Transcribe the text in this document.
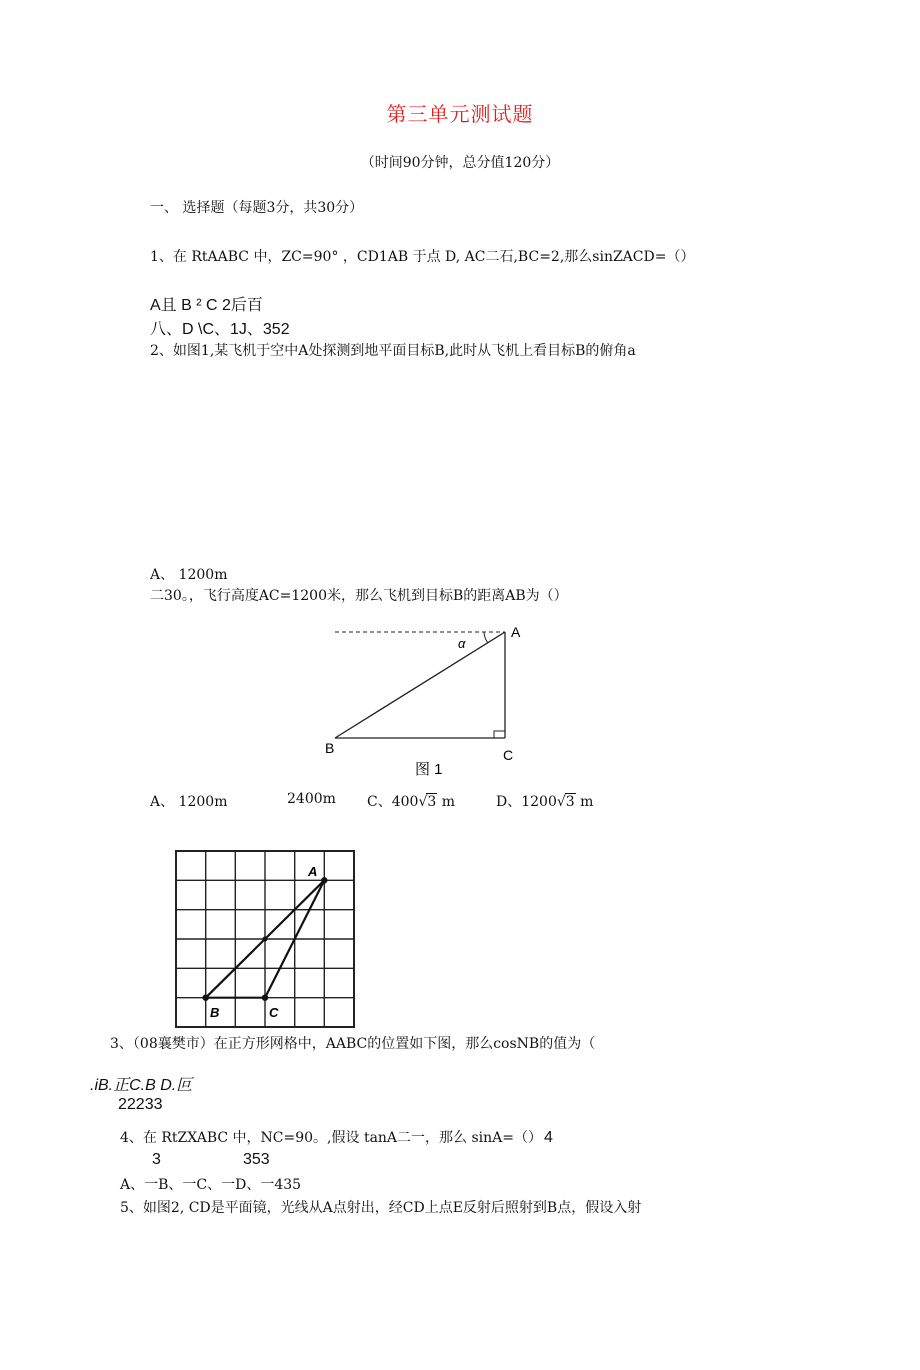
第三单元测试题
（时间90分钟，总分值120分）
一、 选择题（每题3分，共30分）
1、在 RtAABC 中，ZC=90° ，CD1AB 于点 D, AC二石,BC=2,那么sinZACD=（）
A且 B ² C 2后百
八、D \C、1J、352
2、如图1,某飞机于空中A处探测到地平面目标B,此时从飞机上看目标B的俯角a
A、 1200m
二30。，飞行高度AC=1200米，那么飞机到目标B的距离AB为（）
A
B	C
α
图 1
A、 1200m	2400m C、400√3 m	D、1200√3 m
A
B	C
3、（08襄樊市）在正方形网格中，AABC的位置如下图，那么cosNB的值为（
.iB.正C.B D.叵
22233
4、在 RtZXABC 中，NC=90。,假设 tanA二一，那么 sinA=（） 4
3	353
A、一B、一C、一D、一435
5、如图2, CD是平面镜，光线从A点射出，经CD上点E反射后照射到B点，假设入射
